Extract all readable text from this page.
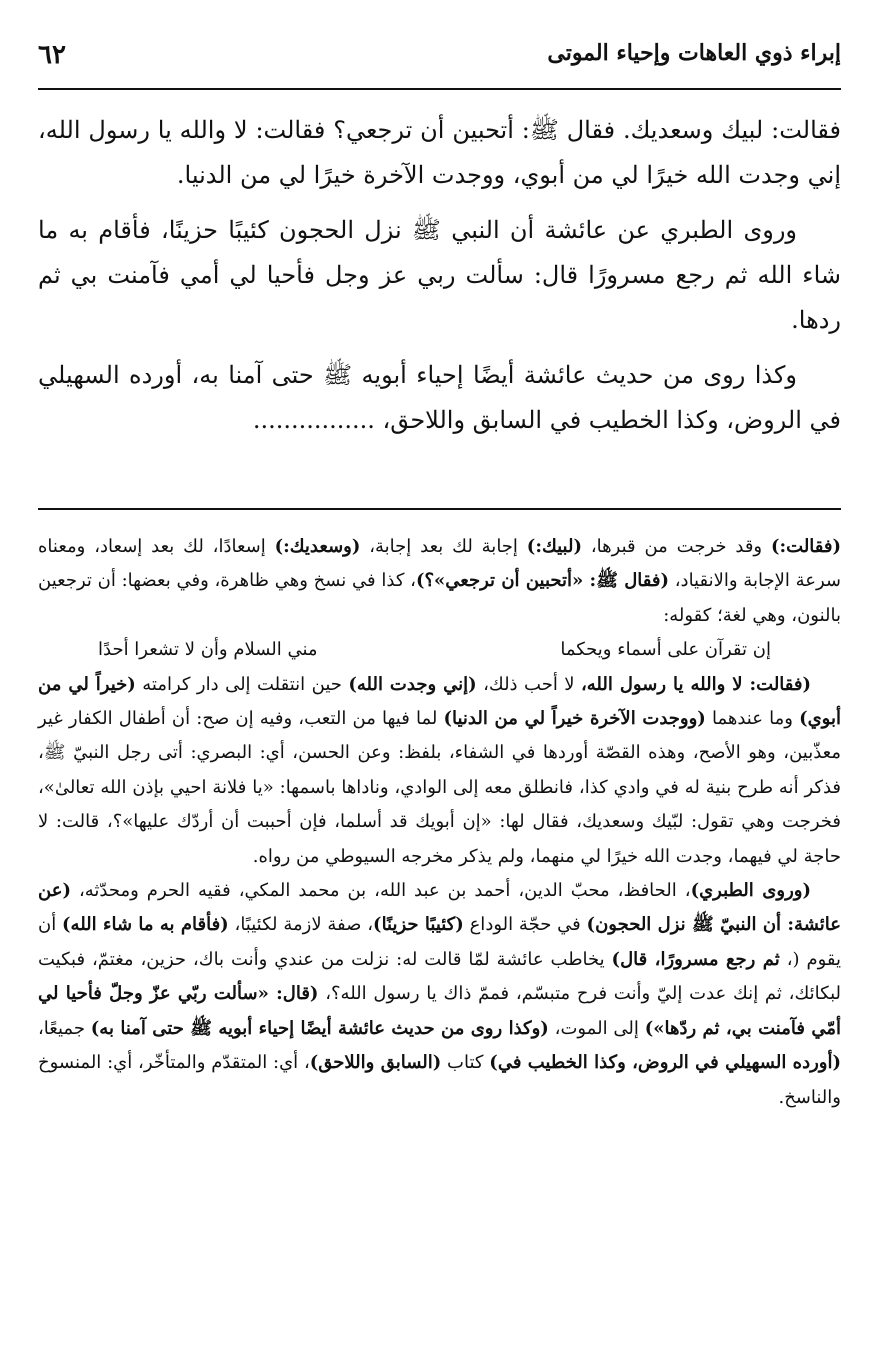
٦٢	إبراء ذوي العاهات وإحياء الموتى

فقالت: لبيك وسعديك. فقال ﷺ: أتحبين أن ترجعي؟ فقالت: لا والله يا رسول الله، إني وجدت الله خيرًا لي من أبوي، ووجدت الآخرة خيرًا لي من الدنيا.

وروى الطبري عن عائشة أن النبي ﷺ نزل الحجون كئيبًا حزينًا، فأقام به ما شاء الله ثم رجع مسرورًا قال: سألت ربي عز وجل فأحيا لي أمي فآمنت بي ثم ردها.

وكذا روى من حديث عائشة أيضًا إحياء أبويه ﷺ حتى آمنا به، أورده السهيلي في الروض، وكذا الخطيب في السابق واللاحق، ................

(فقالت:) وقد خرجت من قبرها، (لبيك:) إجابة لك بعد إجابة، (وسعديك:) إسعادًا، لك بعد إسعاد، ومعناه سرعة الإجابة والانقياد، (فقال ﷺ: «أتحبين أن ترجعي»؟)، كذا في نسخ وهي ظاهرة، وفي بعضها: أن ترجعين بالنون، وهي لغة؛ كقوله:

إن تقرآن على أسماء ويحكما
مني السلام وأن لا تشعرا أحدًا

(فقالت: لا والله يا رسول الله، لا أحب ذلك، (إني وجدت الله) حين انتقلت إلى دار كرامته (خيراً لي من أبوي) وما عندهما (ووجدت الآخرة خيراً لي من الدنيا) لما فيها من التعب، وفيه إن صح: أن أطفال الكفار غير معذّبين، وهو الأصح، وهذه القصّة أوردها في الشفاء، بلفظ: وعن الحسن، أي: البصري: أتى رجل النبيّ ﷺ، فذكر أنه طرح بنية له في وادي كذا، فانطلق معه إلى الوادي، وناداها باسمها: «يا فلانة احيي بإذن الله تعالىٰ»، فخرجت وهي تقول: لبّيك وسعديك، فقال لها: «إن أبويك قد أسلما، فإن أحببت أن أردّك عليها»؟، قالت: لا حاجة لي فيهما، وجدت الله خيرًا لي منهما، ولم يذكر مخرجه السيوطي من رواه.

(وروى الطبري)، الحافظ، محبّ الدين، أحمد بن عبد الله، بن محمد المكي، فقيه الحرم ومحدّثه، (عن عائشة: أن النبيّ ﷺ نزل الحجون) في حجّة الوداع (كئيبًا حزينًا)، صفة لازمة لكئيبًا، (فأقام به ما شاء الله) أن يقوم (، ثم رجع مسرورًا، قال) يخاطب عائشة لمّا قالت له: نزلت من عندي وأنت باك، حزين، مغتمّ، فبكيت لبكائك، ثم إنك عدت إليّ وأنت فرح متبسّم، فممّ ذاك يا رسول الله؟، (قال: «سألت ربّي عزّ وجلّ فأحيا لي أمّي فآمنت بي، ثم ردّها») إلى الموت، (وكذا روى من حديث عائشة أيضًا إحياء أبويه ﷺ حتى آمنا به) جميعًا، (أورده السهيلي في الروض، وكذا الخطيب في) كتاب (السابق واللاحق)، أي: المتقدّم والمتأخّر، أي: المنسوخ والناسخ.
